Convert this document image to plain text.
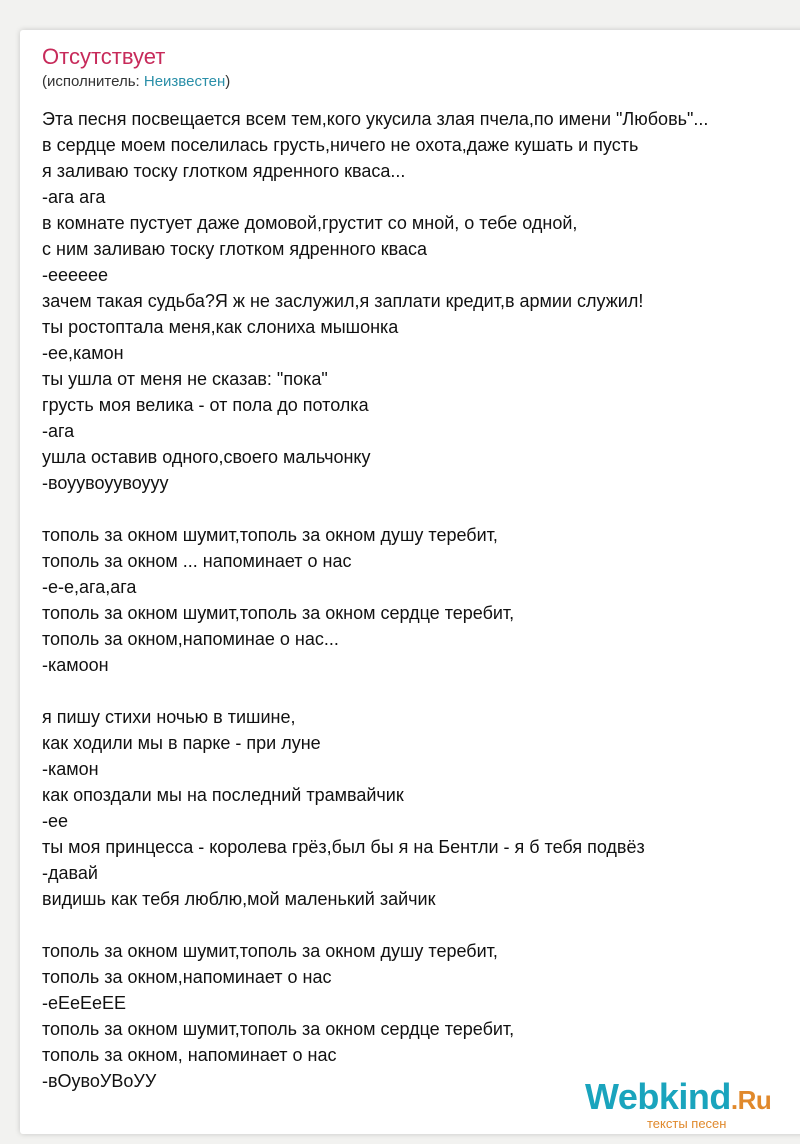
Отсутствует
(исполнитель: Неизвестен)
Эта песня посвещается всем тем,кого укусила злая пчела,по имени "Любовь"...
в сердце моем поселилась грусть,ничего не охота,даже кушать и пусть
я заливаю тоску глотком ядренного кваса...
-ага ага
в комнате пустует даже домовой,грустит со мной, о тебе одной,
с ним заливаю тоску глотком ядренного кваса
-ееееее
зачем такая судьба?Я ж не заслужил,я заплати кредит,в армии служил!
ты ростоптала меня,как слониха мышонка
-ее,камон
ты ушла от меня не сказав: "пока"
грусть моя велика - от пола до потолка
-ага
ушла оставив одного,своего мальчонку
-воуувоуувоууу
тополь за окном шумит,тополь за окном душу теребит,
тополь за окном ... напоминает о нас
-е-е,ага,ага
тополь за окном шумит,тополь за окном сердце теребит,
тополь за окном,напоминае о нас...
-камоон
я пишу стихи ночью в тишине,
как ходили мы в парке - при луне
-камон
как опоздали мы на последний трамвайчик
-ее
ты моя принцесса - королева грёз,был бы я на Бентли - я б тебя подвёз
-давай
видишь как тебя люблю,мой маленький зайчик
тополь за окном шумит,тополь за окном душу теребит,
тополь за окном,напоминает о нас
-еЕеЕеЕЕ
тополь за окном шумит,тополь за окном сердце теребит,
тополь за окном, напоминает о нас
-вОувоУВоУУ	Webkind.Ru
тексты песен
